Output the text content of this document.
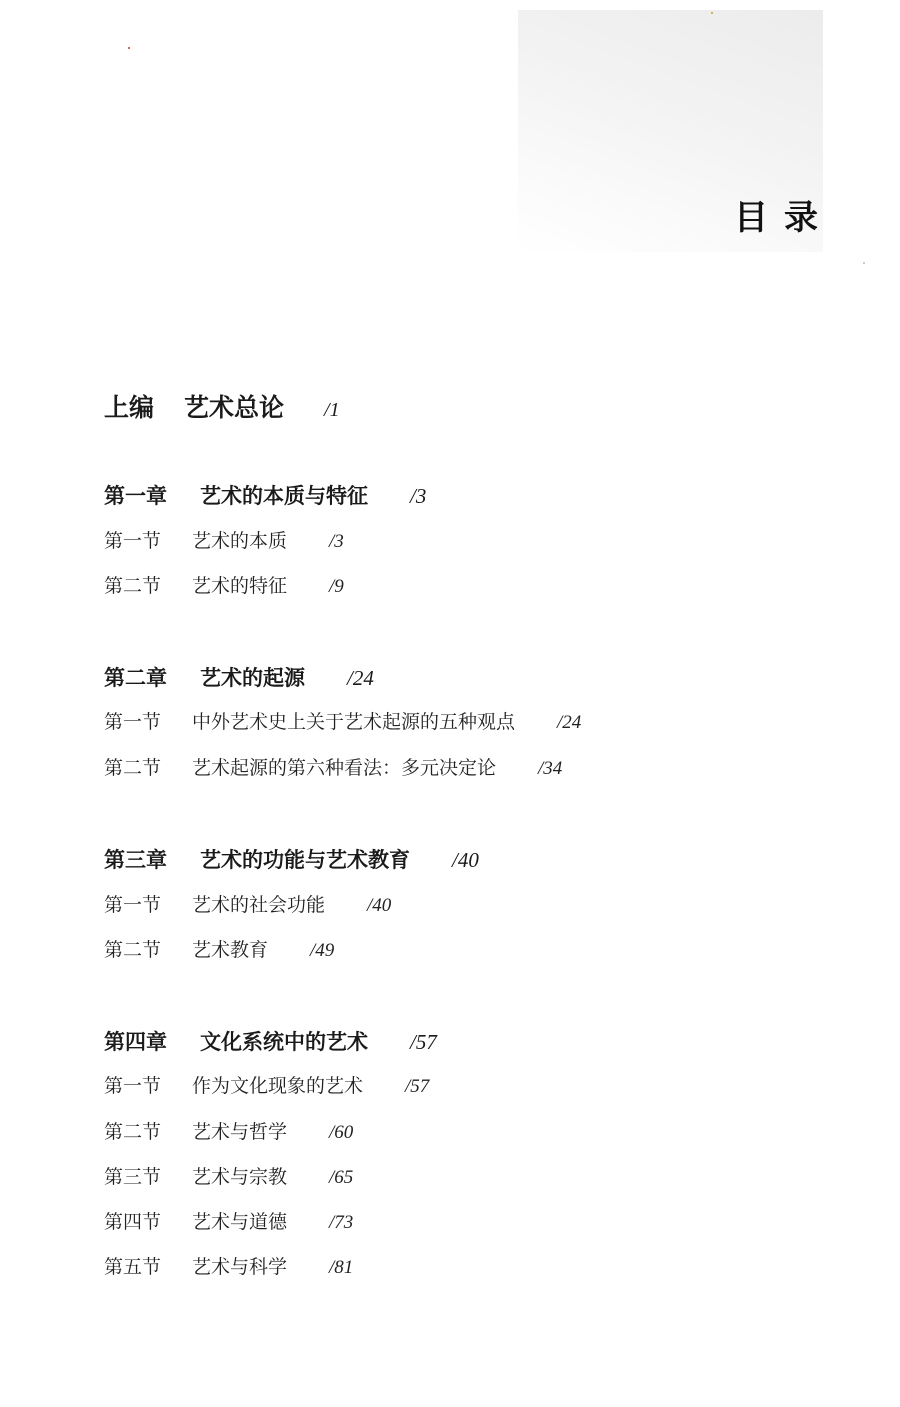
目录
上编 艺术总论 /1
第一章 艺术的本质与特征 /3
第一节 艺术的本质 /3
第二节 艺术的特征 /9
第二章 艺术的起源 /24
第一节 中外艺术史上关于艺术起源的五种观点 /24
第二节 艺术起源的第六种看法：多元决定论 /34
第三章 艺术的功能与艺术教育 /40
第一节 艺术的社会功能 /40
第二节 艺术教育 /49
第四章 文化系统中的艺术 /57
第一节 作为文化现象的艺术 /57
第二节 艺术与哲学 /60
第三节 艺术与宗教 /65
第四节 艺术与道德 /73
第五节 艺术与科学 /81
